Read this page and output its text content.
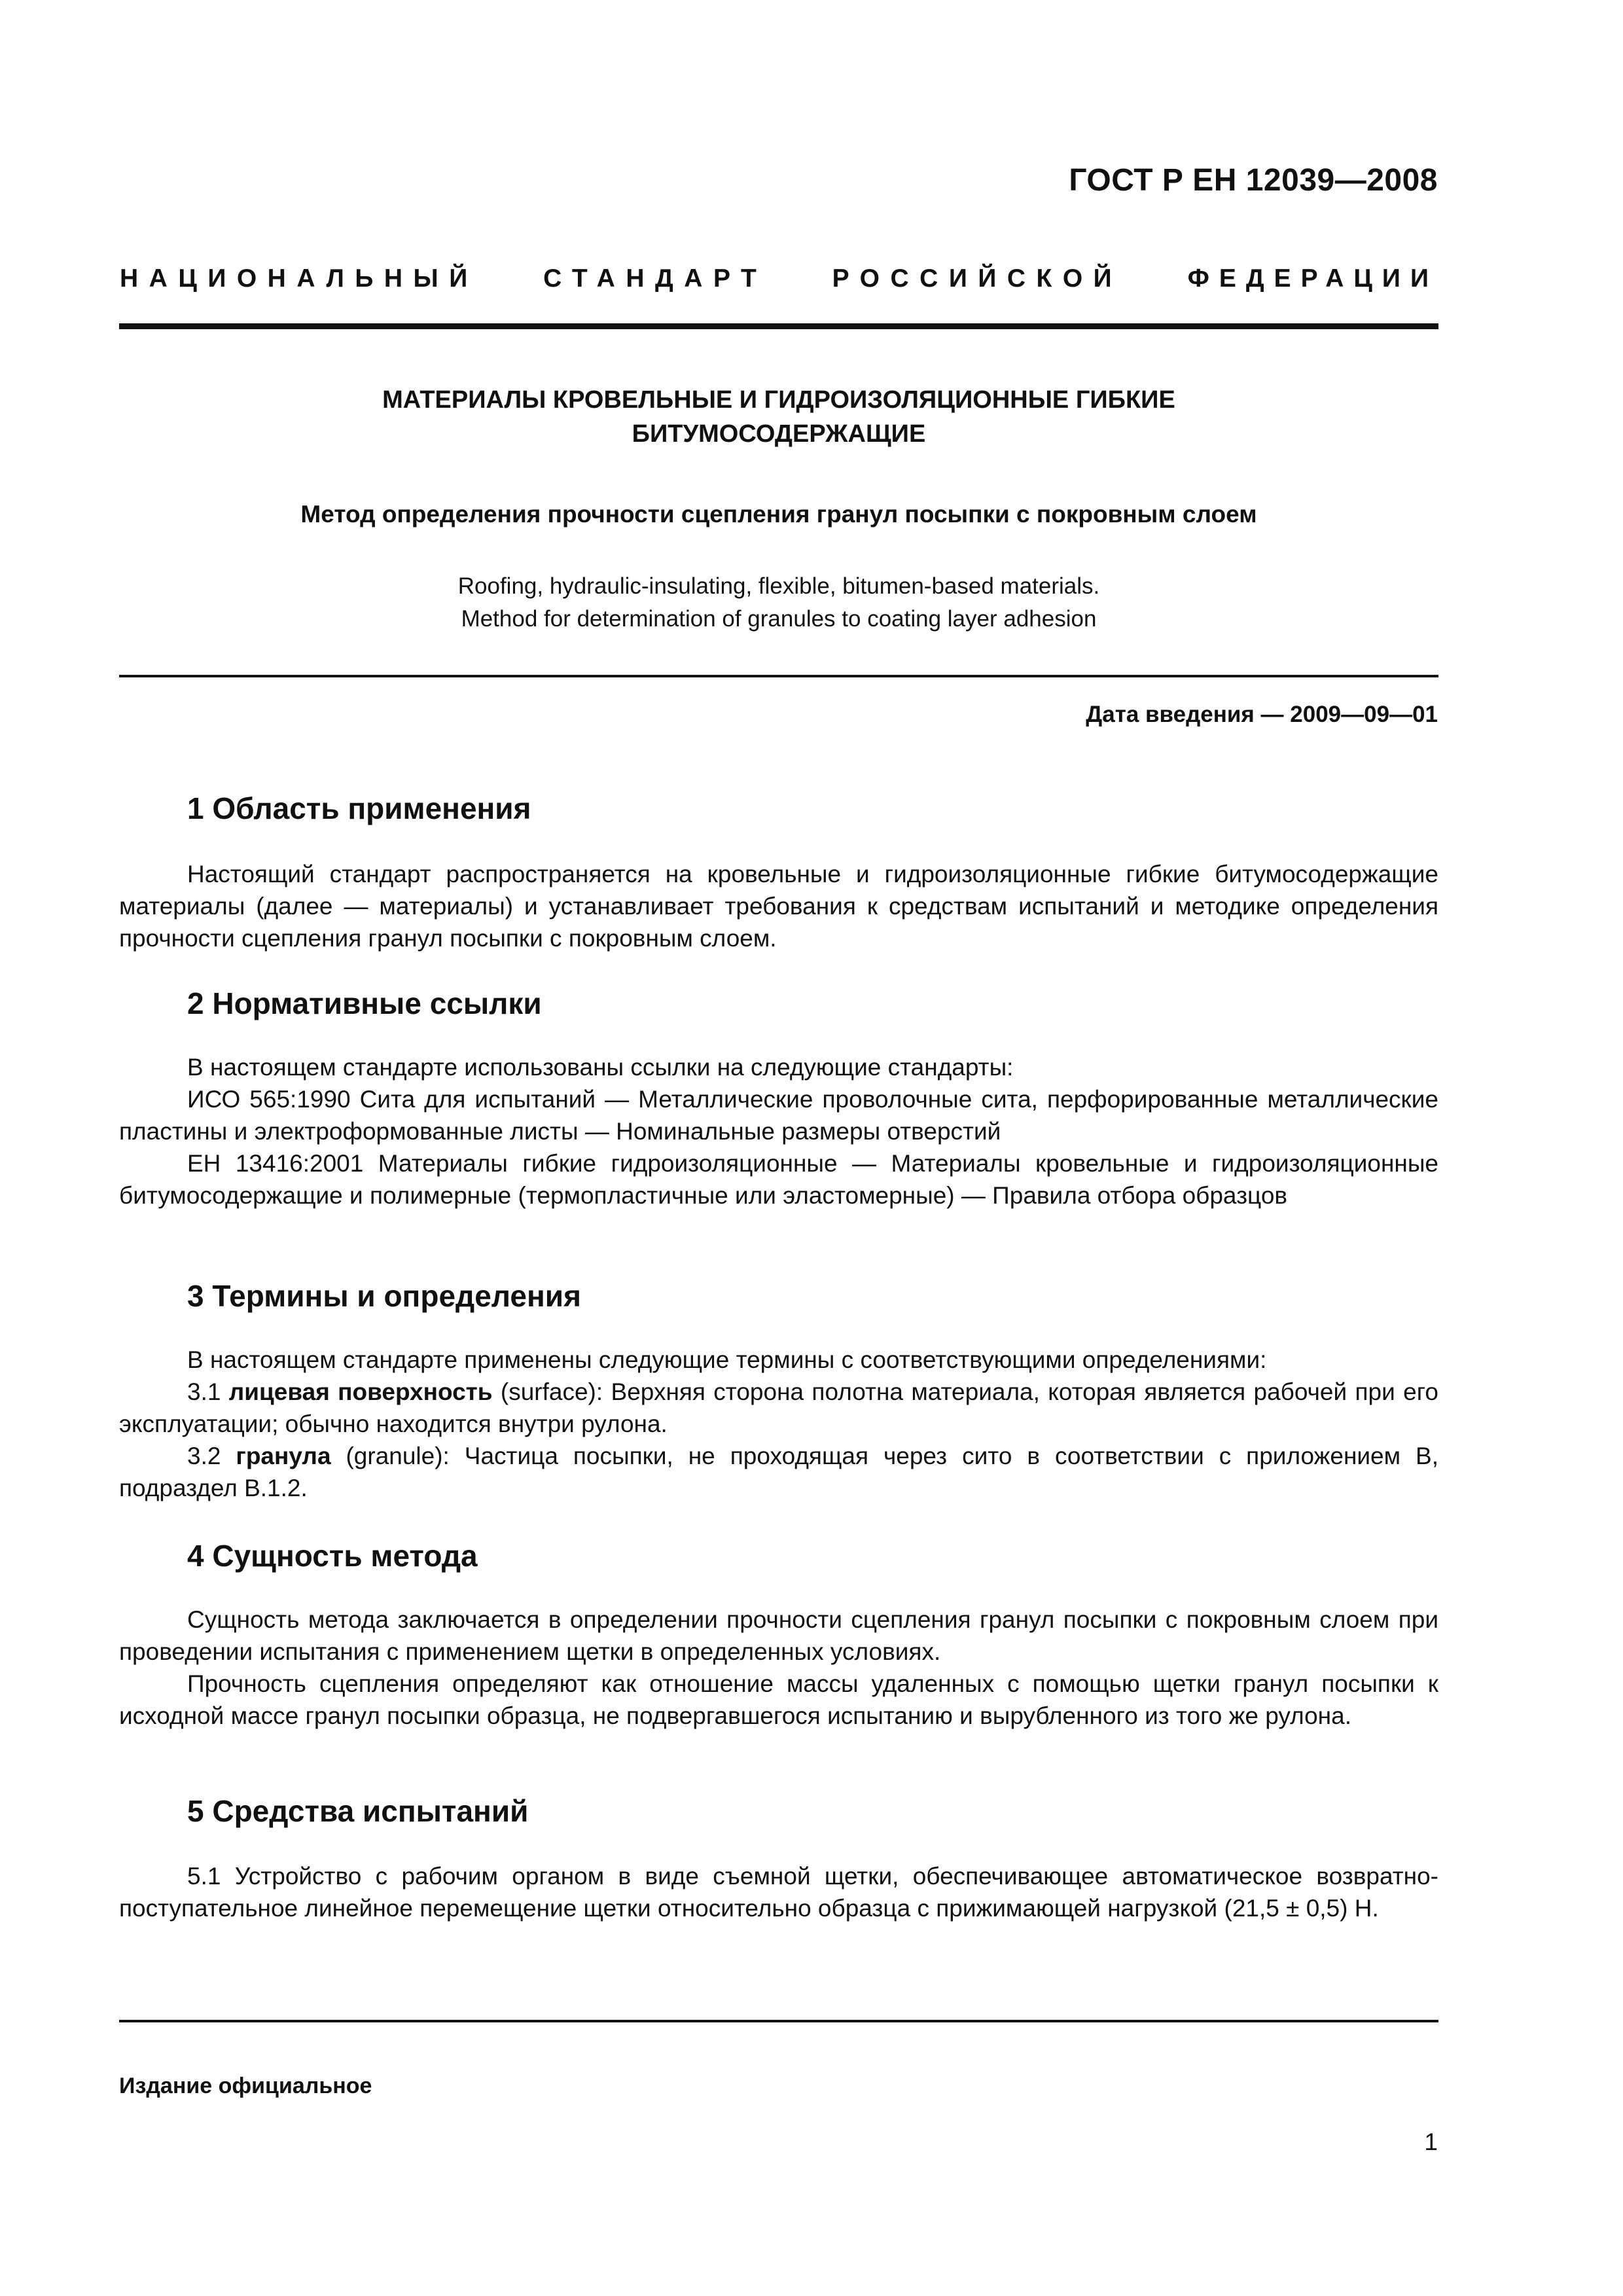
ГОСТ Р ЕН 12039—2008
НАЦИОНАЛЬНЫЙ	СТАНДАРТ	РОССИЙСКОЙ	ФЕДЕРАЦИИ
МАТЕРИАЛЫ КРОВЕЛЬНЫЕ И ГИДРОИЗОЛЯЦИОННЫЕ ГИБКИЕ
БИТУМОСОДЕРЖАЩИЕ
Метод определения прочности сцепления гранул посыпки с покровным слоем
Roofing, hydraulic-insulating, flexible, bitumen-based materials.
Method for determination of granules to coating layer adhesion
Дата введения — 2009—09—01
1 Область применения

Настоящий стандарт распространяется на кровельные и гидроизоляционные гибкие битумосодержащие материалы (далее — материалы) и устанавливает требования к средствам испытаний и методике определения прочности сцепления гранул посыпки с покровным слоем.

2 Нормативные ссылки

В настоящем стандарте использованы ссылки на следующие стандарты:

ИСО 565:1990 Сита для испытаний — Металлические проволочные сита, перфорированные металлические пластины и электроформованные листы — Номинальные размеры отверстий

ЕН 13416:2001 Материалы гибкие гидроизоляционные — Материалы кровельные и гидроизоляционные битумосодержащие и полимерные (термопластичные или эластомерные) — Правила отбора образцов

3 Термины и определения

В настоящем стандарте применены следующие термины с соответствующими определениями:

3.1 лицевая поверхность (surface): Верхняя сторона полотна материала, которая является рабочей при его эксплуатации; обычно находится внутри рулона.

3.2 гранула (granule): Частица посыпки, не проходящая через сито в соответствии с приложением В, подраздел В.1.2.

4 Сущность метода

Сущность метода заключается в определении прочности сцепления гранул посыпки с покровным слоем при проведении испытания с применением щетки в определенных условиях.

Прочность сцепления определяют как отношение массы удаленных с помощью щетки гранул посыпки к исходной массе гранул посыпки образца, не подвергавшегося испытанию и вырубленного из того же рулона.

5 Средства испытаний

5.1 Устройство с рабочим органом в виде съемной щетки, обеспечивающее автоматическое возвратно-поступательное линейное перемещение щетки относительно образца с прижимающей нагрузкой (21,5 ± 0,5) Н.

Издание официальное
1
